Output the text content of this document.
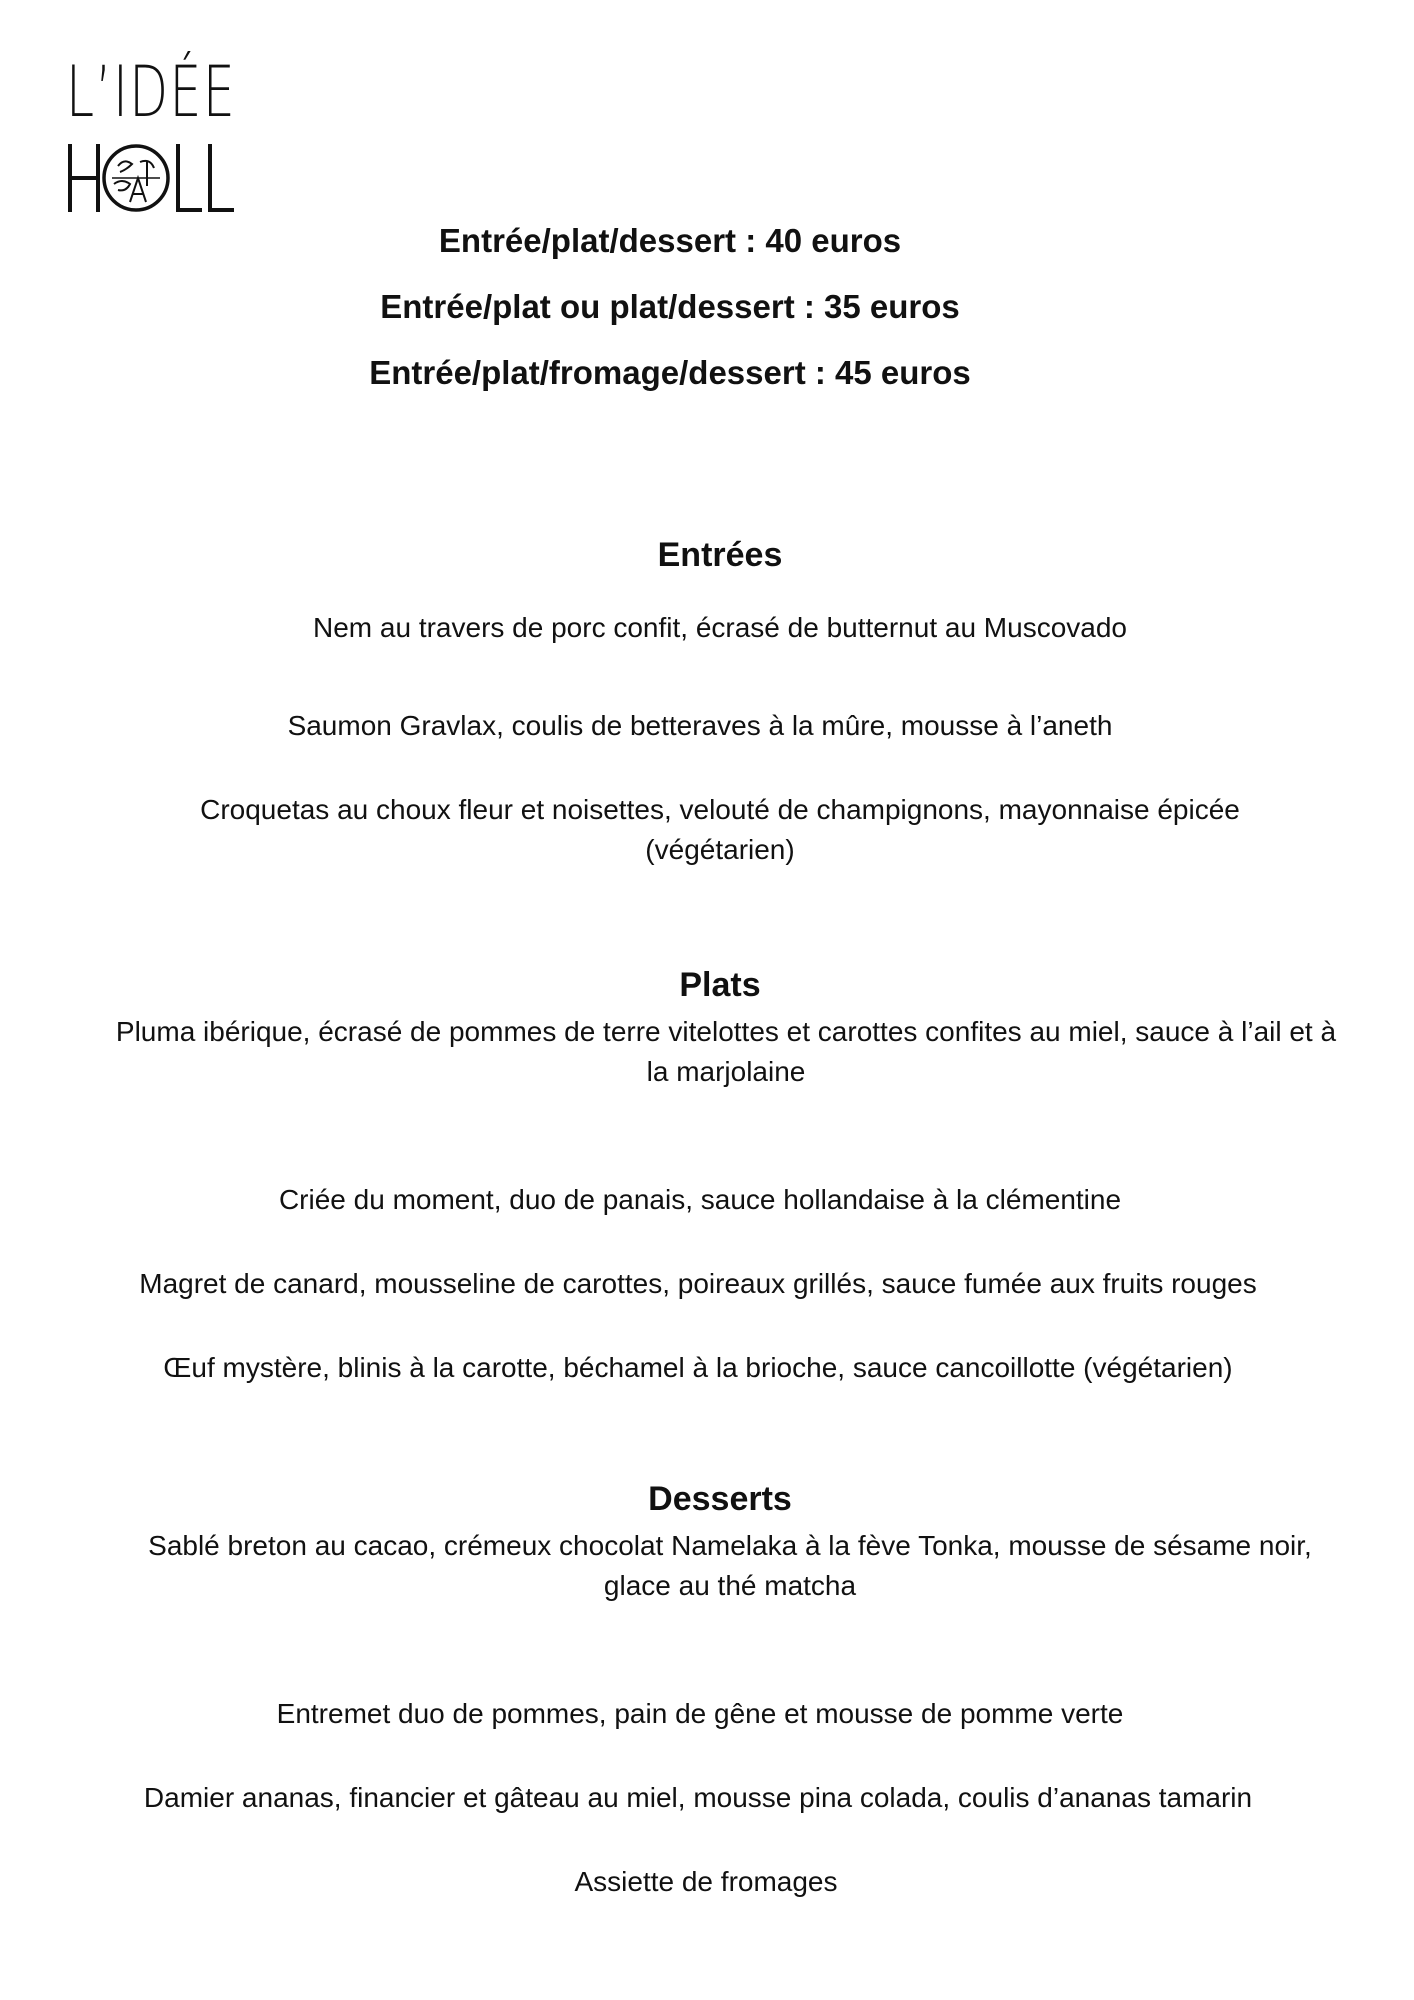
L’IDÉE
Entrée/plat/dessert : 40 euros
Entrée/plat ou plat/dessert : 35 euros
Entrée/plat/fromage/dessert : 45 euros
Entrées
Nem au travers de porc confit, écrasé de butternut au Muscovado
Saumon Gravlax, coulis de betteraves à la mûre, mousse à l’aneth
Croquetas au choux fleur et noisettes, velouté de champignons, mayonnaise épicée (végétarien)
Plats
Pluma ibérique, écrasé de pommes de terre vitelottes et carottes confites au miel, sauce à l’ail et à la marjolaine
Criée du moment, duo de panais, sauce hollandaise à la clémentine
Magret de canard, mousseline de carottes, poireaux grillés, sauce fumée aux fruits rouges
Œuf mystère, blinis à la carotte, béchamel à la brioche, sauce cancoillotte (végétarien)
Desserts
Sablé breton au cacao, crémeux chocolat Namelaka à la fève Tonka, mousse de sésame noir, glace au thé matcha
Entremet duo de pommes, pain de gêne et mousse de pomme verte
Damier ananas, financier et gâteau au miel, mousse pina colada, coulis d’ananas tamarin
Assiette de fromages
